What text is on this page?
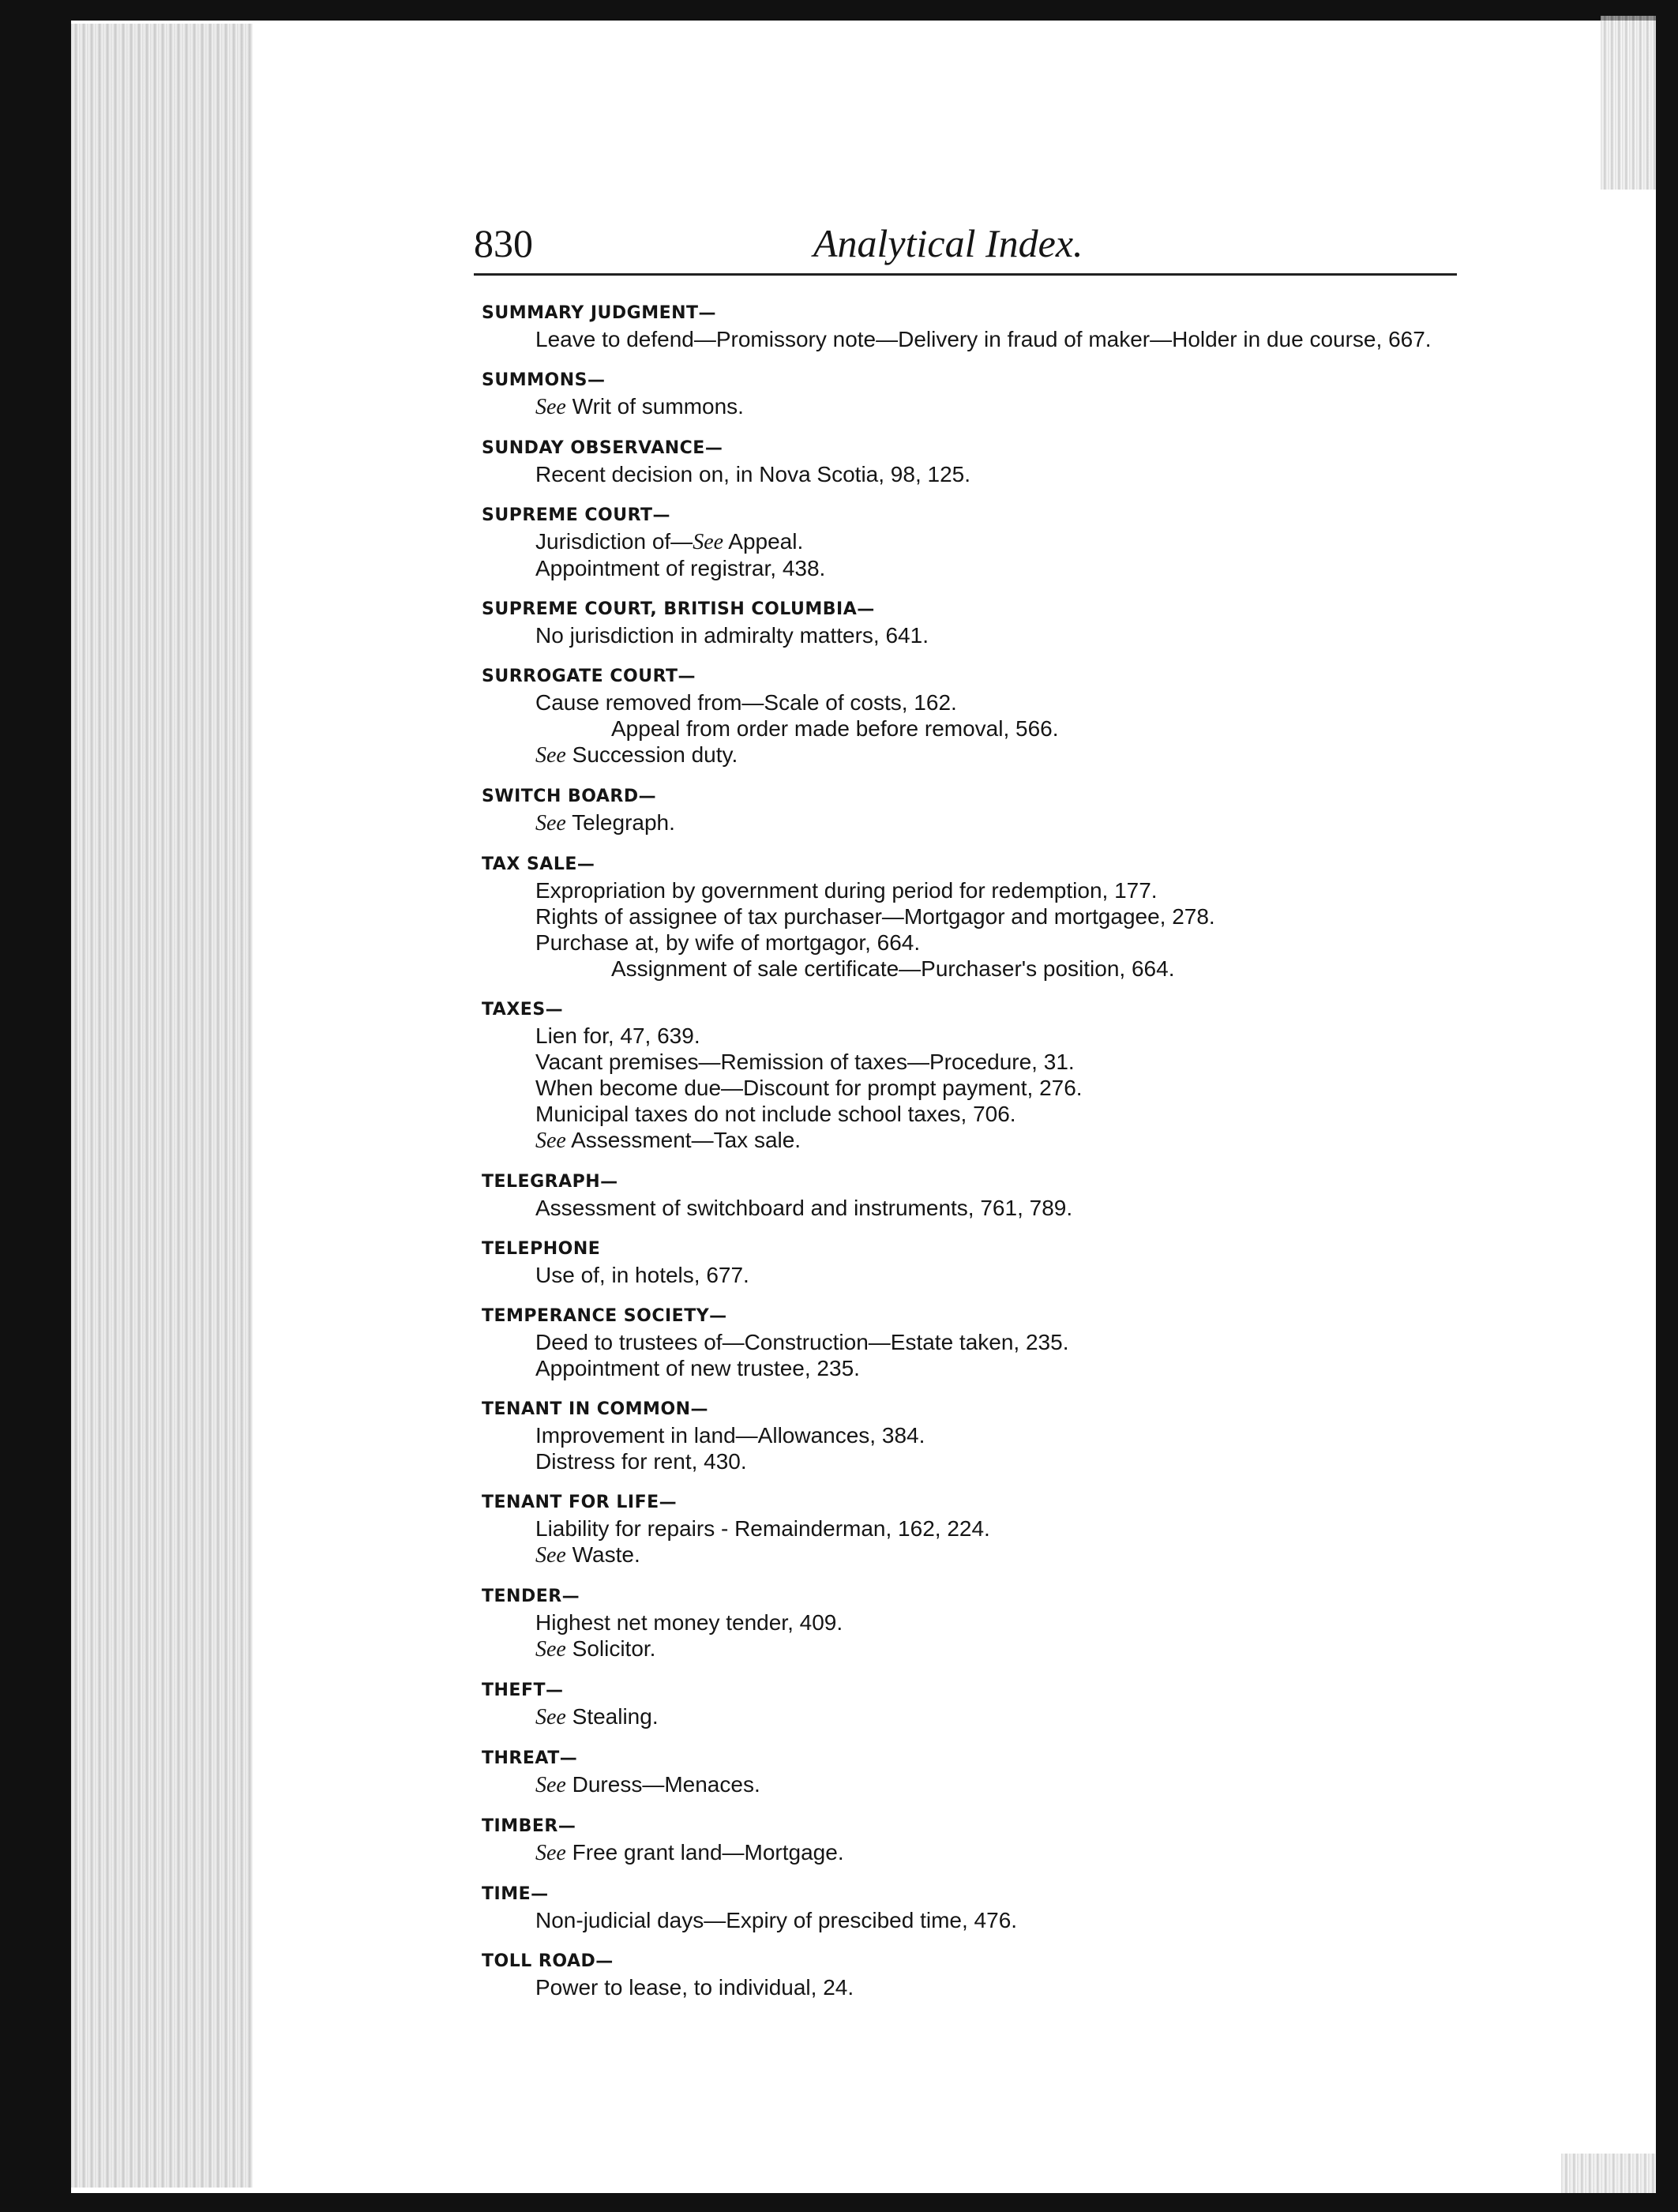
830	Analytical Index.
SUMMARY JUDGMENT—
Leave to defend—Promissory note—Delivery in fraud of maker—Holder in due course, 667.
SUMMONS—
See Writ of summons.
SUNDAY OBSERVANCE—
Recent decision on, in Nova Scotia, 98, 125.
SUPREME COURT—
Jurisdiction of—See Appeal.
Appointment of registrar, 438.
SUPREME COURT, BRITISH COLUMBIA—
No jurisdiction in admiralty matters, 641.
SURROGATE COURT—
Cause removed from—Scale of costs, 162.
Appeal from order made before removal, 566.
See Succession duty.
SWITCH BOARD—
See Telegraph.
TAX SALE—
Expropriation by government during period for redemption, 177.
Rights of assignee of tax purchaser—Mortgagor and mortgagee, 278.
Purchase at, by wife of mortgagor, 664.
Assignment of sale certificate—Purchaser's position, 664.
TAXES—
Lien for, 47, 639.
Vacant premises—Remission of taxes—Procedure, 31.
When become due—Discount for prompt payment, 276.
Municipal taxes do not include school taxes, 706.
See Assessment—Tax sale.
TELEGRAPH—
Assessment of switchboard and instruments, 761, 789.
TELEPHONE
Use of, in hotels, 677.
TEMPERANCE SOCIETY—
Deed to trustees of—Construction—Estate taken, 235.
Appointment of new trustee, 235.
TENANT IN COMMON—
Improvement in land—Allowances, 384.
Distress for rent, 430.
TENANT FOR LIFE—
Liability for repairs - Remainderman, 162, 224.
See Waste.
TENDER—
Highest net money tender, 409.
See Solicitor.
THEFT—
See Stealing.
THREAT—
See Duress—Menaces.
TIMBER—
See Free grant land—Mortgage.
TIME—
Non-judicial days—Expiry of prescibed time, 476.
TOLL ROAD—
Power to lease, to individual, 24.
